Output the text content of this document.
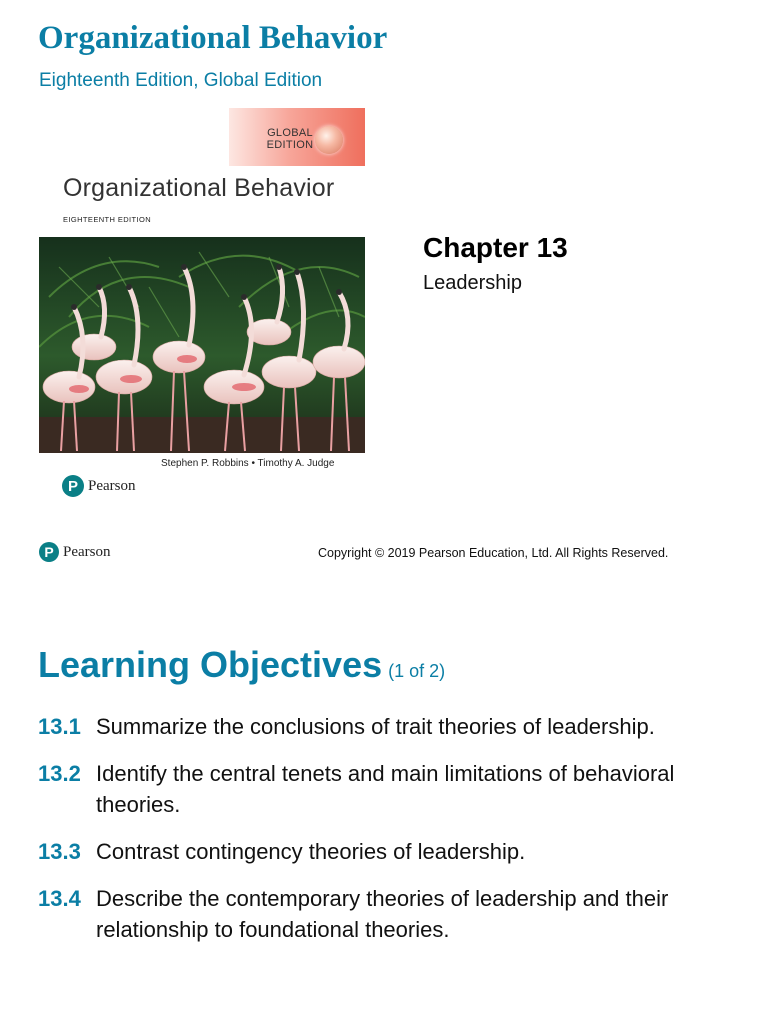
Organizational Behavior

Eighteenth Edition, Global Edition

GLOBAL EDITION

Organizational Behavior

EIGHTEENTH EDITION
Stephen P. Robbins • Timothy A. Judge
P Pearson
Chapter 13

Leadership

P Pearson	Copyright © 2019 Pearson Education, Ltd. All Rights Reserved.
Learning Objectives (1 of 2)
13.1 Summarize the conclusions of trait theories of leadership.
13.2 Identify the central tenets and main limitations of behavioral theories.
13.3 Contrast contingency theories of leadership.
13.4 Describe the contemporary theories of leadership and their relationship to foundational theories.
